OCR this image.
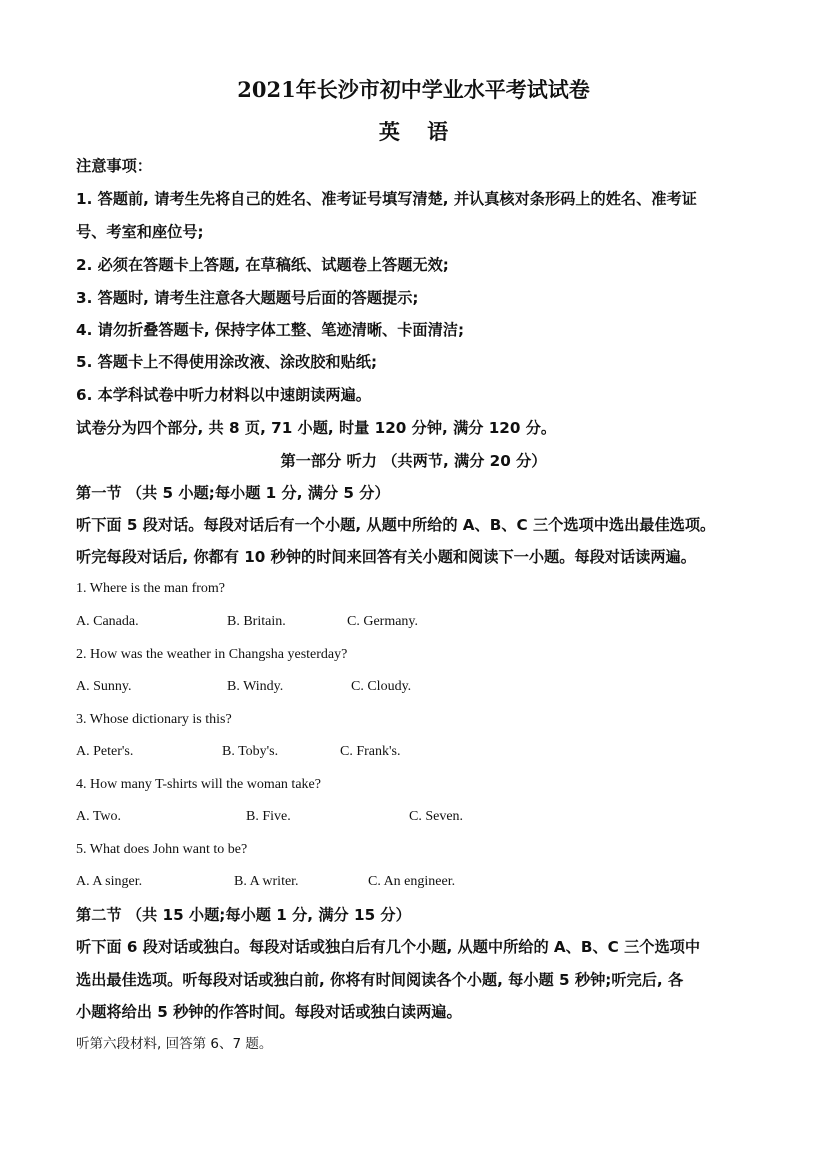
2021年长沙市初中学业水平考试试卷
英 语
注意事项：
1. 答题前, 请考生先将自己的姓名、准考证号填写清楚, 并认真核对条形码上的姓名、准考证
号、考室和座位号;
2. 必须在答题卡上答题, 在草稿纸、试题卷上答题无效;
3. 答题时, 请考生注意各大题题号后面的答题提示;
4. 请勿折叠答题卡, 保持字体工整、笔迹清晰、卡面清洁;
5. 答题卡上不得使用涂改液、涂改胶和贴纸;
6. 本学科试卷中听力材料以中速朗读两遍。
试卷分为四个部分, 共 8 页, 71 小题, 时量 120 分钟, 满分 120 分。
第一部分 听力 （共两节, 满分 20 分）
第一节 （共 5 小题;每小题 1 分, 满分 5 分）
听下面 5 段对话。每段对话后有一个小题, 从题中所给的 A、B、C 三个选项中选出最佳选项。
听完每段对话后, 你都有 10 秒钟的时间来回答有关小题和阅读下一小题。每段对话读两遍。
1. Where is the man from?
A. Canada.	B. Britain.	C. Germany.
2. How was the weather in Changsha yesterday?
A. Sunny.	B. Windy.	C. Cloudy.
3. Whose dictionary is this?
A. Peter's.	B. Toby's.	C. Frank's.
4. How many T-shirts will the woman take?
A. Two.	B. Five.	C. Seven.
5. What does John want to be?
A. A singer.	B. A writer.	C. An engineer.
第二节 （共 15 小题;每小题 1 分, 满分 15 分）
听下面 6 段对话或独白。每段对话或独白后有几个小题, 从题中所给的 A、B、C 三个选项中
选出最佳选项。听每段对话或独白前, 你将有时间阅读各个小题, 每小题 5 秒钟;听完后, 各
小题将给出 5 秒钟的作答时间。每段对话或独白读两遍。
听第六段材料, 回答第 6、7 题。
